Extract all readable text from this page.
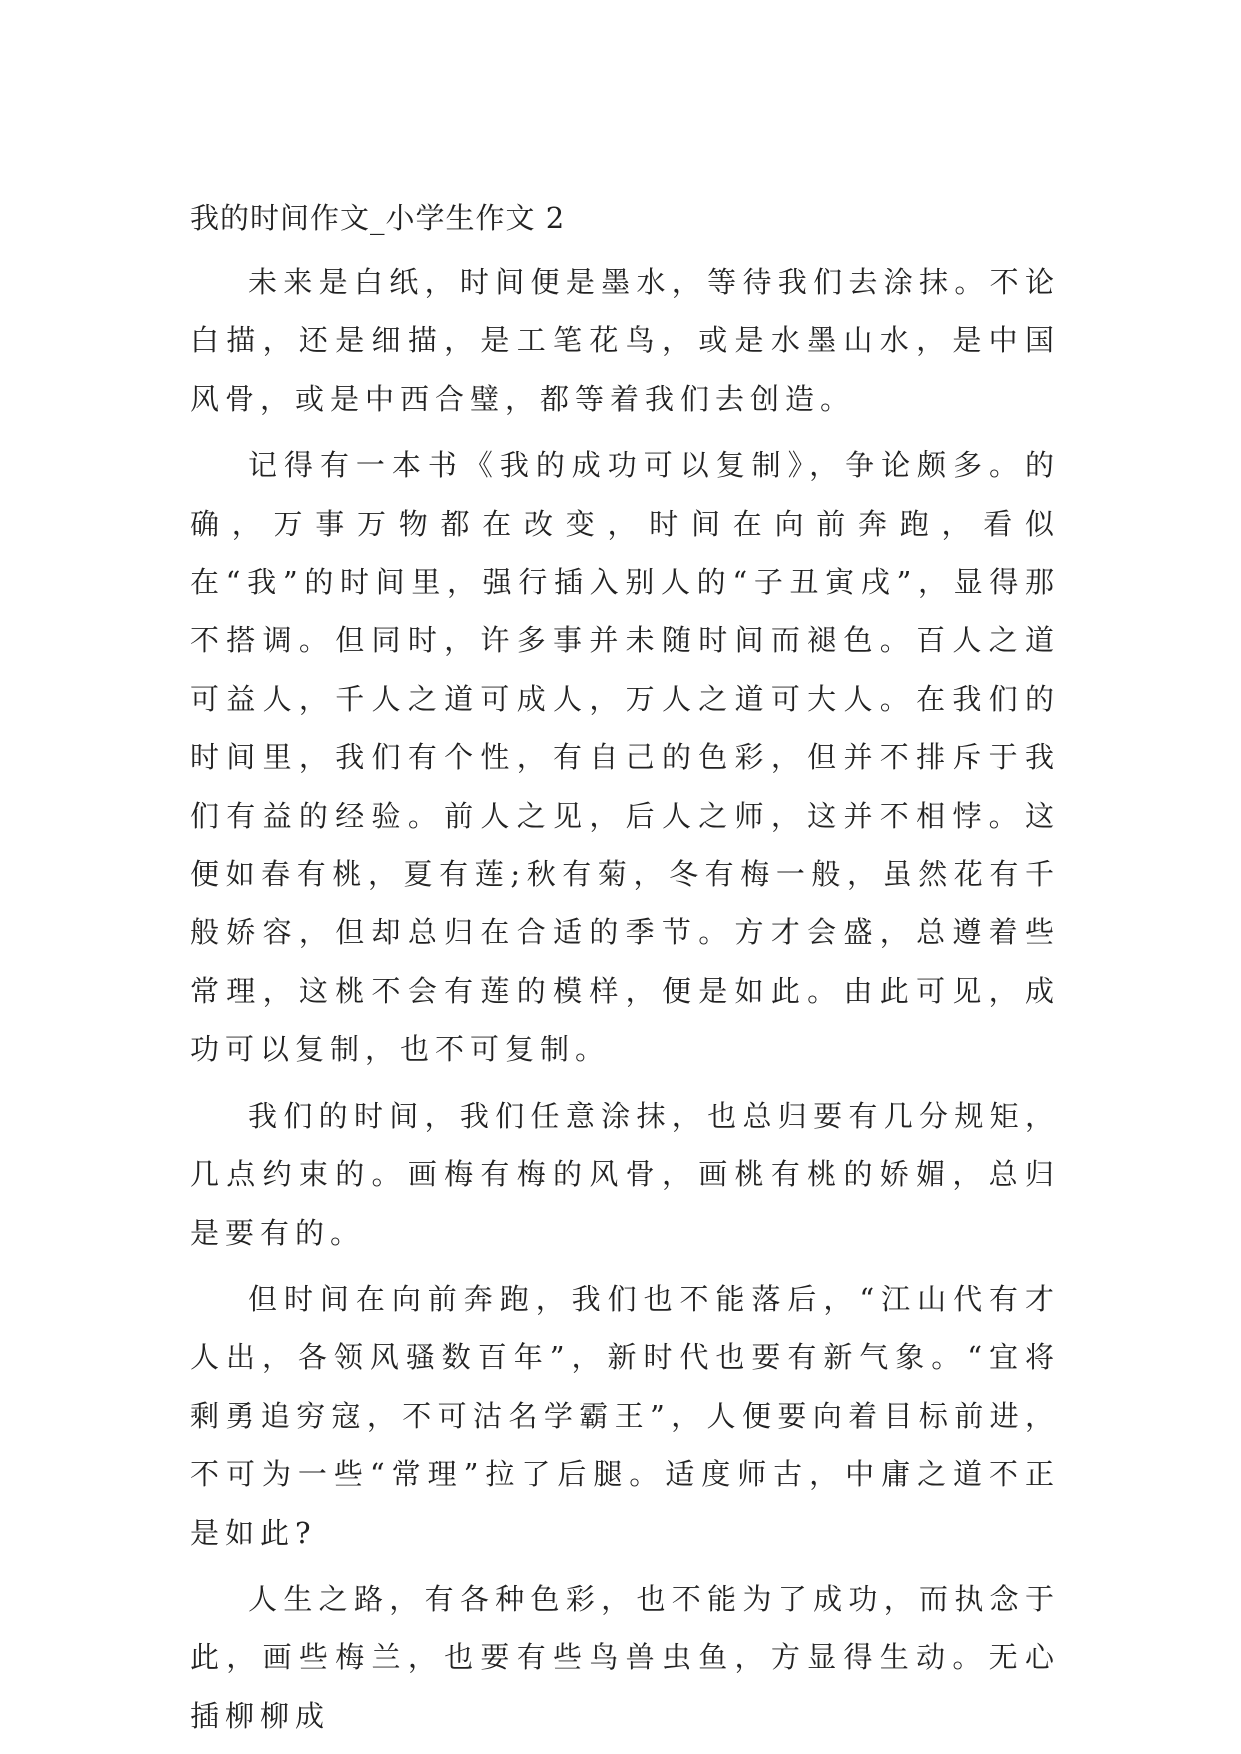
我的时间作文_小学生作文 2

未来是白纸，时间便是墨水，等待我们去涂抹。不论白描，还是细描，是工笔花鸟，或是水墨山水，是中国风骨，或是中西合璧，都等着我们去创造。

记得有一本书《我的成功可以复制》，争论颇多。的确，万事万物都在改变，时间在向前奔跑，看似在“我”的时间里，强行插入别人的“子丑寅戌”，显得那不搭调。但同时，许多事并未随时间而褪色。百人之道可益人，千人之道可成人，万人之道可大人。在我们的时间里，我们有个性，有自己的色彩，但并不排斥于我们有益的经验。前人之见，后人之师，这并不相悖。这便如春有桃，夏有莲;秋有菊，冬有梅一般，虽然花有千般娇容，但却总归在合适的季节。方才会盛，总遵着些常理，这桃不会有莲的模样，便是如此。由此可见，成功可以复制，也不可复制。

我们的时间，我们任意涂抹，也总归要有几分规矩，几点约束的。画梅有梅的风骨，画桃有桃的娇媚，总归是要有的。

但时间在向前奔跑，我们也不能落后，“江山代有才人出，各领风骚数百年”，新时代也要有新气象。“宜将剩勇追穷寇，不可沽名学霸王”，人便要向着目标前进，不可为一些“常理”拉了后腿。适度师古，中庸之道不正是如此?

人生之路，有各种色彩，也不能为了成功，而执念于此，画些梅兰，也要有些鸟兽虫鱼，方显得生动。无心插柳柳成
